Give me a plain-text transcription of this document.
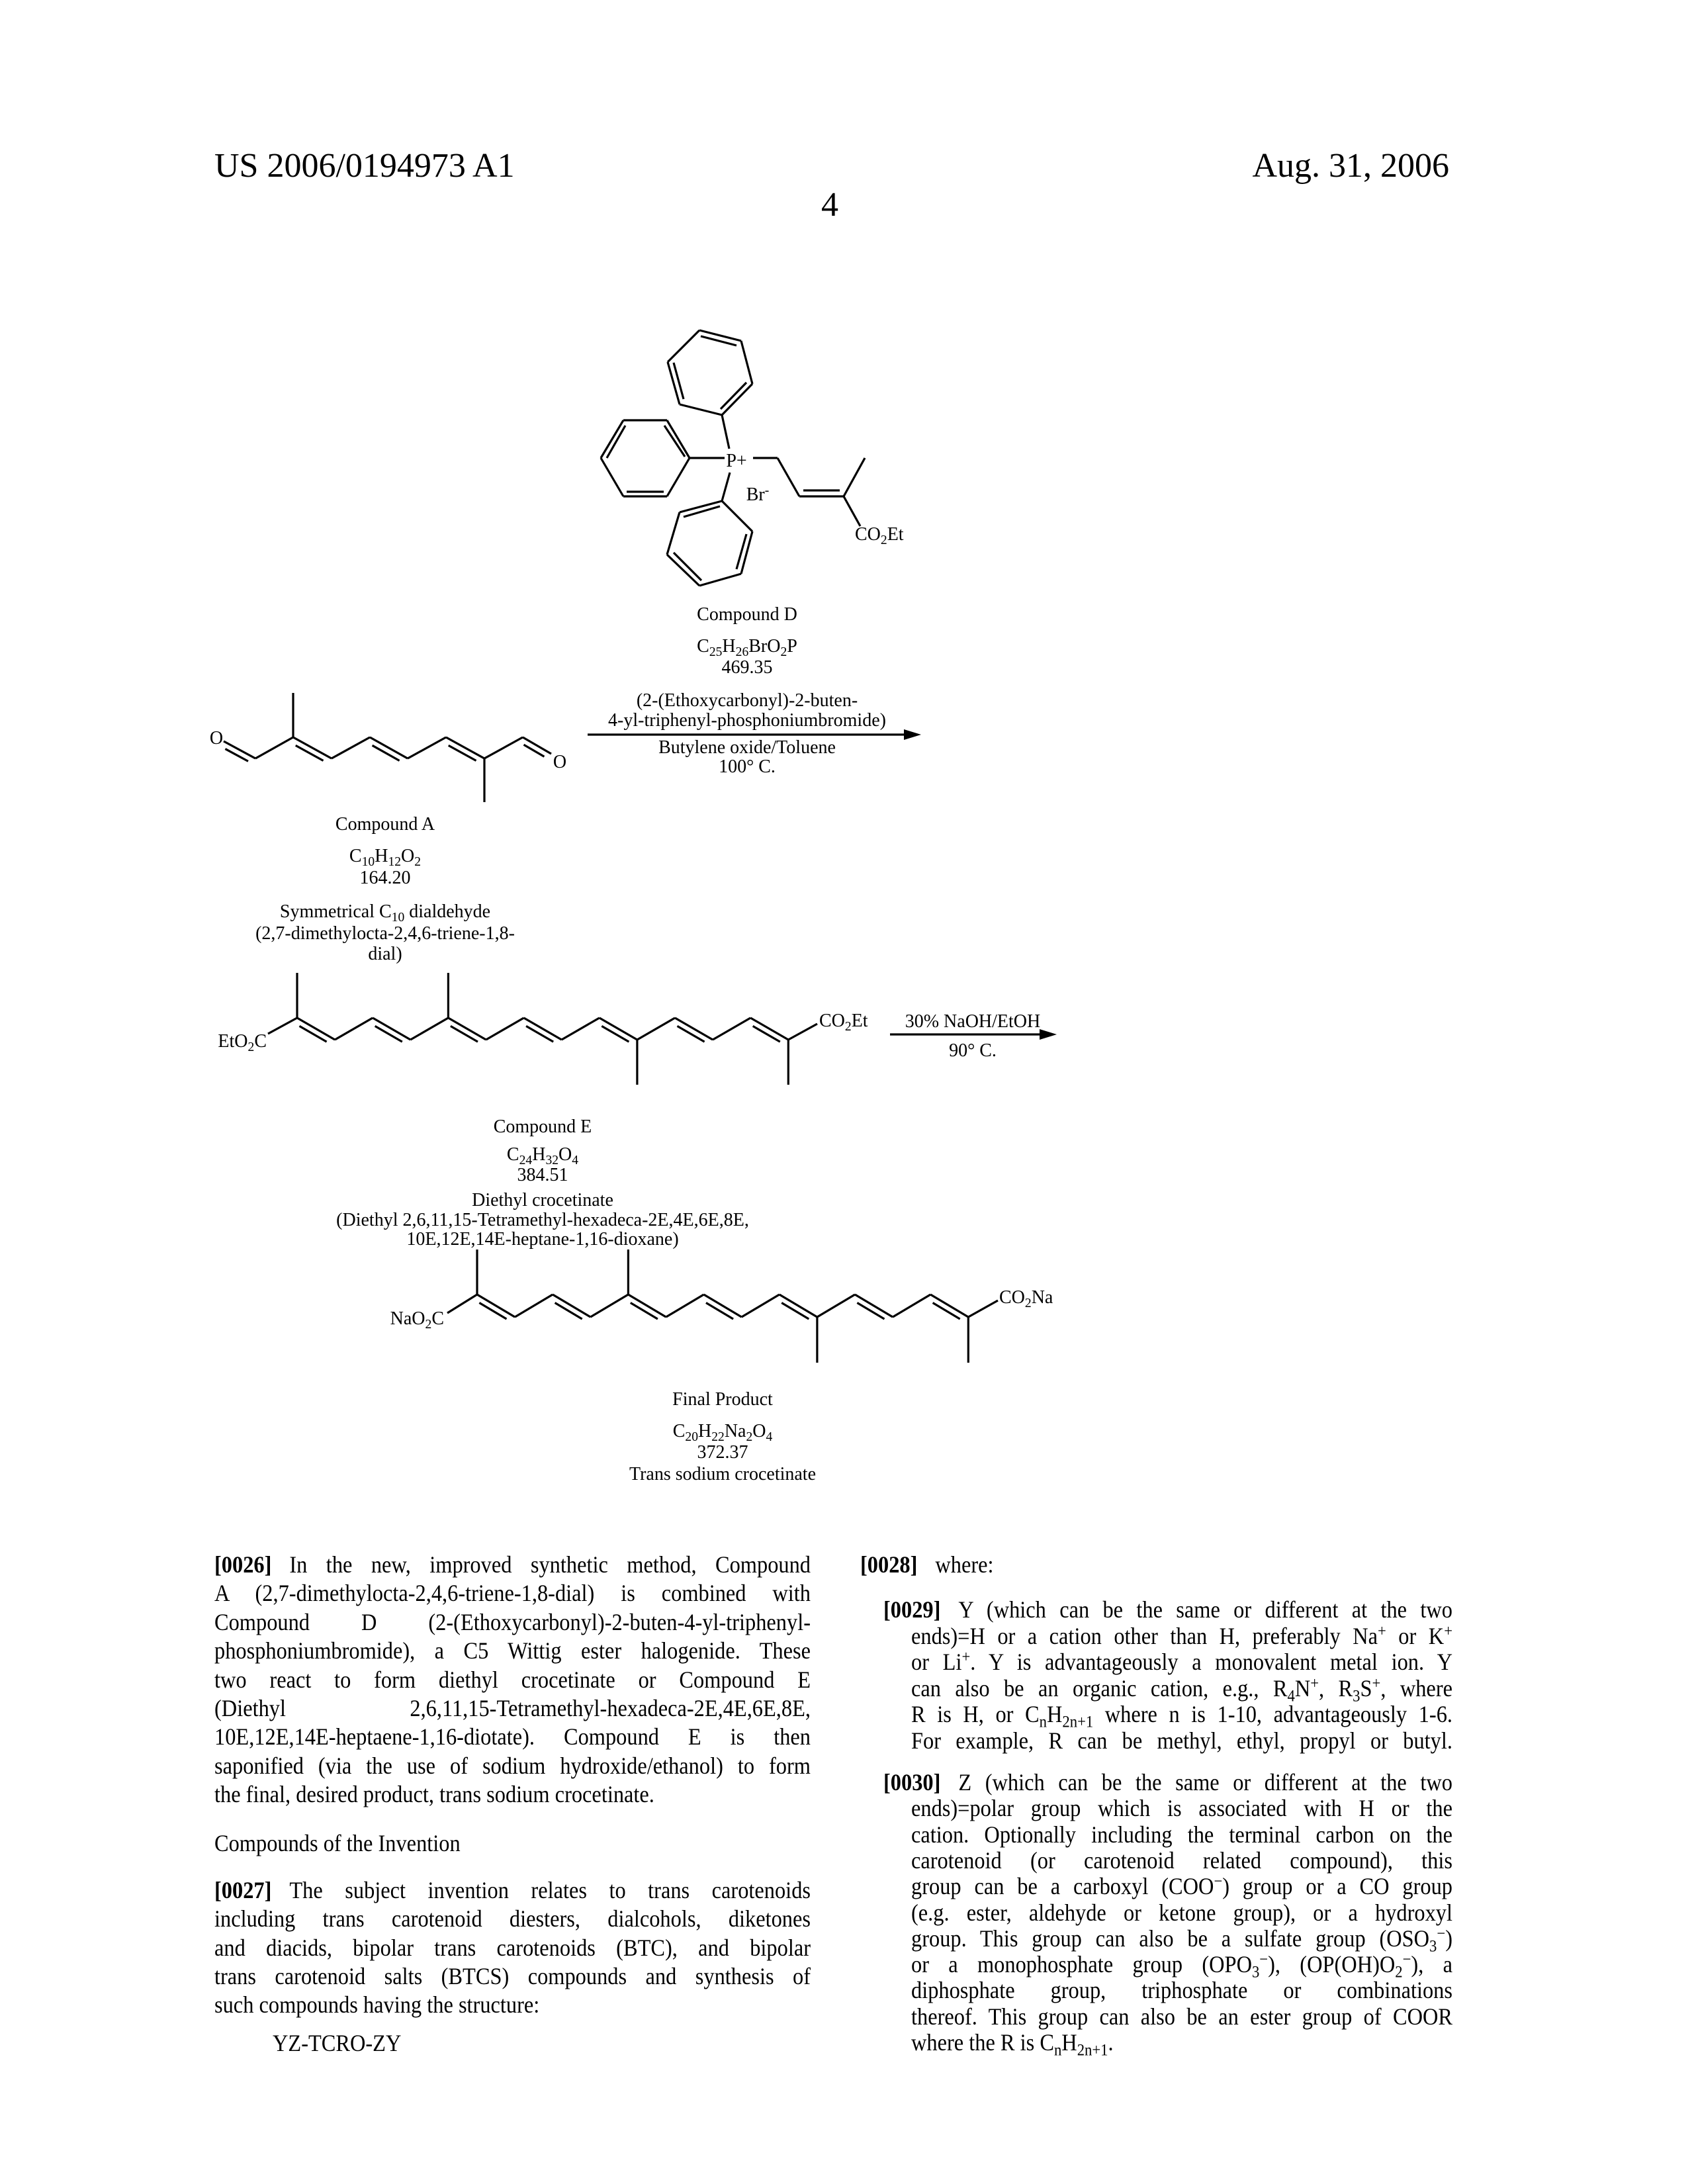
US 2006/0194973 A1
4
Aug. 31, 2006
P+
Br-
CO2Et
Compound D
C25H26BrO2P
469.35
(2-(Ethoxycarbonyl)-2-buten-
4-yl-triphenyl-phosphoniumbromide)
Butylene oxide/Toluene
100° C.
O
O
Compound A
C10H12O2
164.20
Symmetrical C10 dialdehyde
(2,7-dimethylocta-2,4,6-triene-1,8-
dial)
EtO2C
CO2Et 30% NaOH/EtOH
90° C.
Compound E
C24H32O4
384.51
Diethyl crocetinate
(Diethyl 2,6,11,15-Tetramethyl-hexadeca-2E,4E,6E,8E,
10E,12E,14E-heptane-1,16-dioxane)
NaO2C
CO2Na
Final Product
C20H22Na2O4
372.37
Trans sodium crocetinate
[0026] In the new, improved synthetic method, Compound
A (2,7-dimethylocta-2,4,6-triene-1,8-dial) is combined with
Compound D (2-(Ethoxycarbonyl)-2-buten-4-yl-triphenyl-
phosphoniumbromide), a C5 Wittig ester halogenide. These
two react to form diethyl crocetinate or Compound E
(Diethyl 2,6,11,15-Tetramethyl-hexadeca-2E,4E,6E,8E,
10E,12E,14E-heptaene-1,16-diotate). Compound E is then
saponified (via the use of sodium hydroxide/ethanol) to form
the final, desired product, trans sodium crocetinate.
Compounds of the Invention
[0027] The subject invention relates to trans carotenoids
including trans carotenoid diesters, dialcohols, diketones
and diacids, bipolar trans carotenoids (BTC), and bipolar
trans carotenoid salts (BTCS) compounds and synthesis of
such compounds having the structure:
YZ-TCRO-ZY
[0028] where:
[0029] Y (which can be the same or different at the two
ends)=H or a cation other than H, preferably Na+ or K+
or Li+. Y is advantageously a monovalent metal ion. Y
can also be an organic cation, e.g., R4N+, R3S+, where
R is H, or CnH2n+1 where n is 1-10, advantageously 1-6.
For example, R can be methyl, ethyl, propyl or butyl.
[0030] Z (which can be the same or different at the two
ends)=polar group which is associated with H or the
cation. Optionally including the terminal carbon on the
carotenoid (or carotenoid related compound), this
group can be a carboxyl (COO−) group or a CO group
(e.g. ester, aldehyde or ketone group), or a hydroxyl
group. This group can also be a sulfate group (OSO3−)
or a monophosphate group (OPO3−), (OP(OH)O2−), a
diphosphate group, triphosphate or combinations
thereof. This group can also be an ester group of COOR
where the R is CnH2n+1.
